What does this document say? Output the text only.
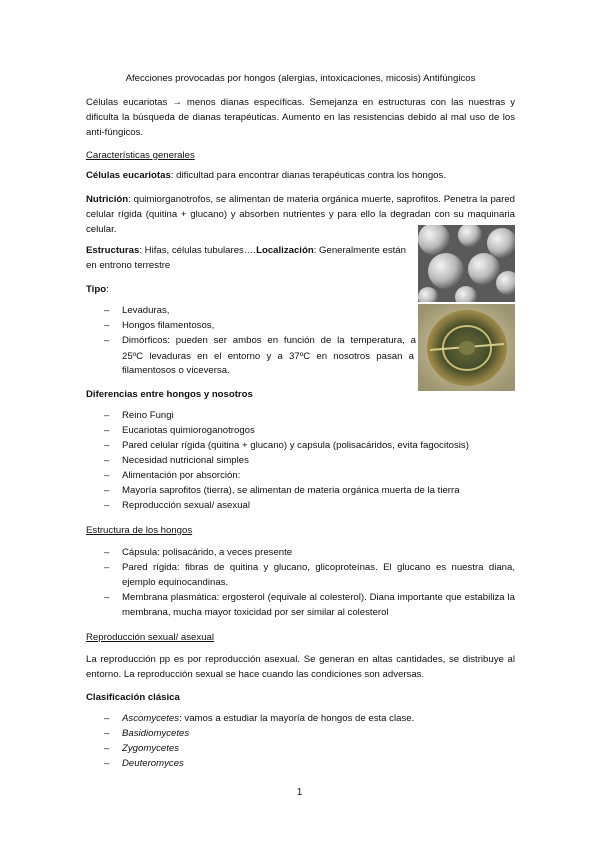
Afecciones provocadas por hongos (alergias, intoxicaciones, micosis) Antifúngicos
Células eucariotas → menos dianas específicas. Semejanza en estructuras con las nuestras y dificulta la búsqueda de dianas terapéuticas. Aumento en las resistencias debido al mal uso de los anti-fúngicos.
Características generales
Células eucariotas: dificultad para encontrar dianas terapéuticas contra los hongos.
Nutrición: quimiorganotrofos, se alimentan de materia orgánica muerte, saprofitos. Penetra la pared celular rígida (quitina + glucano) y absorben nutrientes y para ello la degradan con su maquinaria celular.
Estructuras: Hifas, células tubulares….Localización: Generalmente están
en entrono terrestre
Tipo:
– Levaduras,
– Hongos filamentosos,
– Dimórficos: pueden ser ambos en función de la temperatura, a
25ºC levaduras en el entorno y a 37ºC en nosotros pasan a
filamentosos o viceversa.
Diferencias entre hongos y nosotros
– Reino Fungi
– Eucariotas quimioroganotrogos
– Pared celular rígida (quitina + glucano) y capsula (polisacáridos, evita fagocitosis)
– Necesidad nutricional simples
– Alimentación por absorción:
– Mayoría saprofitos (tierra), se alimentan de materia orgánica muerta de la tierra
– Reproducción sexual/ asexual
Estructura de los hongos
– Cápsula: polisacárido, a veces presente
– Pared rígida: fibras de quitina y glucano, glicoproteínas. El glucano es nuestra diana, ejemplo equinocandinas.
– Membrana plasmática: ergosterol (equivale al colesterol). Diana importante que estabiliza la membrana, mucha mayor toxicidad por ser similar al colesterol
Reproducción sexual/ asexual
La reproducción pp es por reproducción asexual. Se generan en altas cantidades, se distribuye al entorno. La reproducción sexual se hace cuando las condiciones son adversas.
Clasificación clásica
– Ascomycetes: vamos a estudiar la mayoría de hongos de esta clase.
– Basidiomycetes
– Zygomycetes
– Deuteromyces
1
